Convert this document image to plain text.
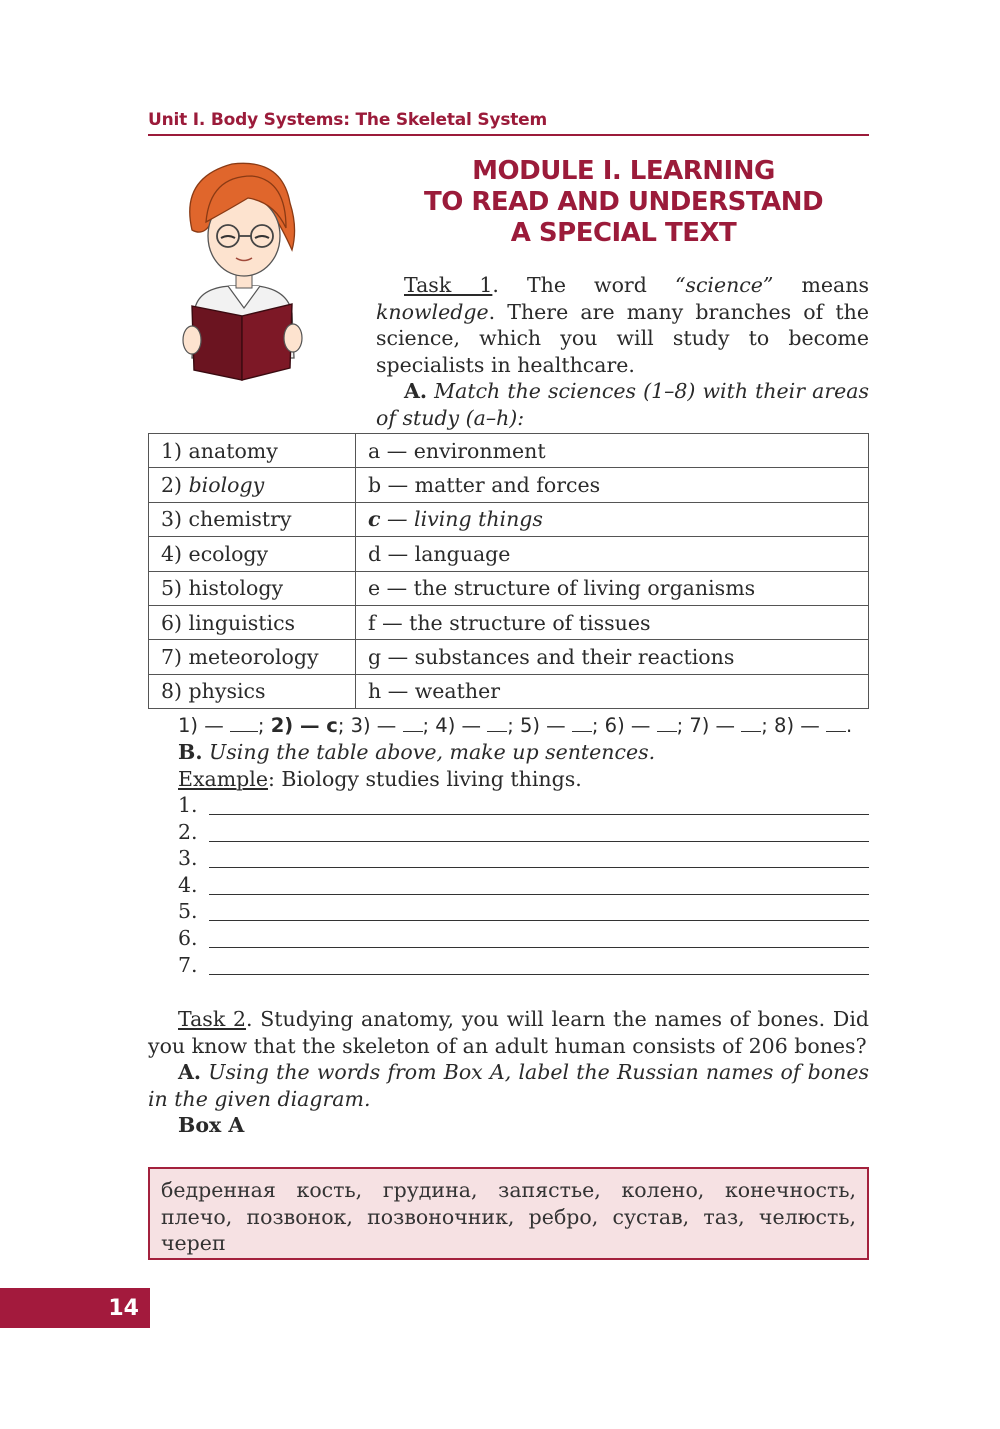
Unit I. Body Systems: The Skeletal System
MODULE I. LEARNING
TO READ AND UNDERSTAND
A SPECIAL TEXT

Task 1. The word “science” means knowledge. There are many branches of the science, which you will study to become specialists in healthcare.

A. Match the sciences (1–8) with their areas of study (a–h):

1) anatomy	a — environment
2) biology	b — matter and forces
3) chemistry	c — living things
4) ecology	d — language
5) histology	e — the structure of living organisms
6) linguistics	f — the structure of tissues
7) meteorology	g — substances and their reactions
8) physics	h — weather
1) — ; 2) — c; 3) — ; 4) — ; 5) — ; 6) — ; 7) — ; 8) — .

B. Using the table above, make up sentences.

Example: Biology studies living things.

1.
2.
3.
4.
5.
6.
7.

Task 2. Studying anatomy, you will learn the names of bones. Did you know that the skeleton of an adult human consists of 206 bones?

A. Using the words from Box A, label the Russian names of bones in the given diagram.

Box A

бедренная кость, грудина, запястье, колено, конечность, плечо, позвонок, позвоночник, ребро, сустав, таз, челюсть, череп
14
